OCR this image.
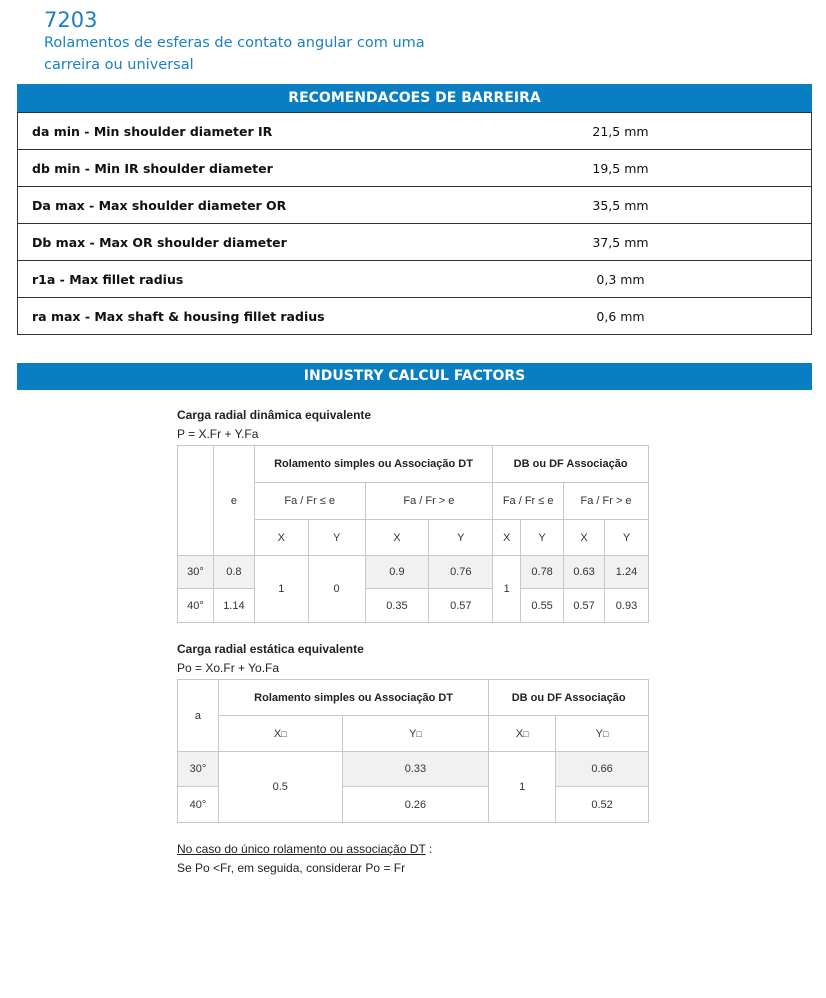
7203
Rolamentos de esferas de contato angular com uma carreira ou universal
RECOMENDACOES DE BARREIRA
da min - Min shoulder diameter IR	21,5 mm
db min - Min IR shoulder diameter	19,5 mm
Da max - Max shoulder diameter OR	35,5 mm
Db max - Max OR shoulder diameter	37,5 mm
r1a - Max fillet radius	0,3 mm
ra max - Max shaft & housing fillet radius	0,6 mm
INDUSTRY CALCUL FACTORS
Carga radial dinâmica equivalente
P = X.Fr + Y.Fa
	e	Rolamento simples ou Associação DT				DB ou DF Associação			
		Fa / Fr ≤ e		Fa / Fr > e		Fa / Fr ≤ e		Fa / Fr > e	
		X	Y	X	Y	X	Y	X	Y
30°	0.8	1	0	0.9	0.76	1	0.78	0.63	1.24
40°	1.14			0.35	0.57		0.55	0.57	0.93
Carga radial estática equivalente
Po = Xo.Fr + Yo.Fa
a	Rolamento simples ou Associação DT		DB ou DF Associação	
	X□	Y□	X□	Y□
30°	0.5	0.33	1	0.66
40°		0.26		0.52
No caso do único rolamento ou associação DT :
Se Po <Fr, em seguida, considerar Po = Fr
